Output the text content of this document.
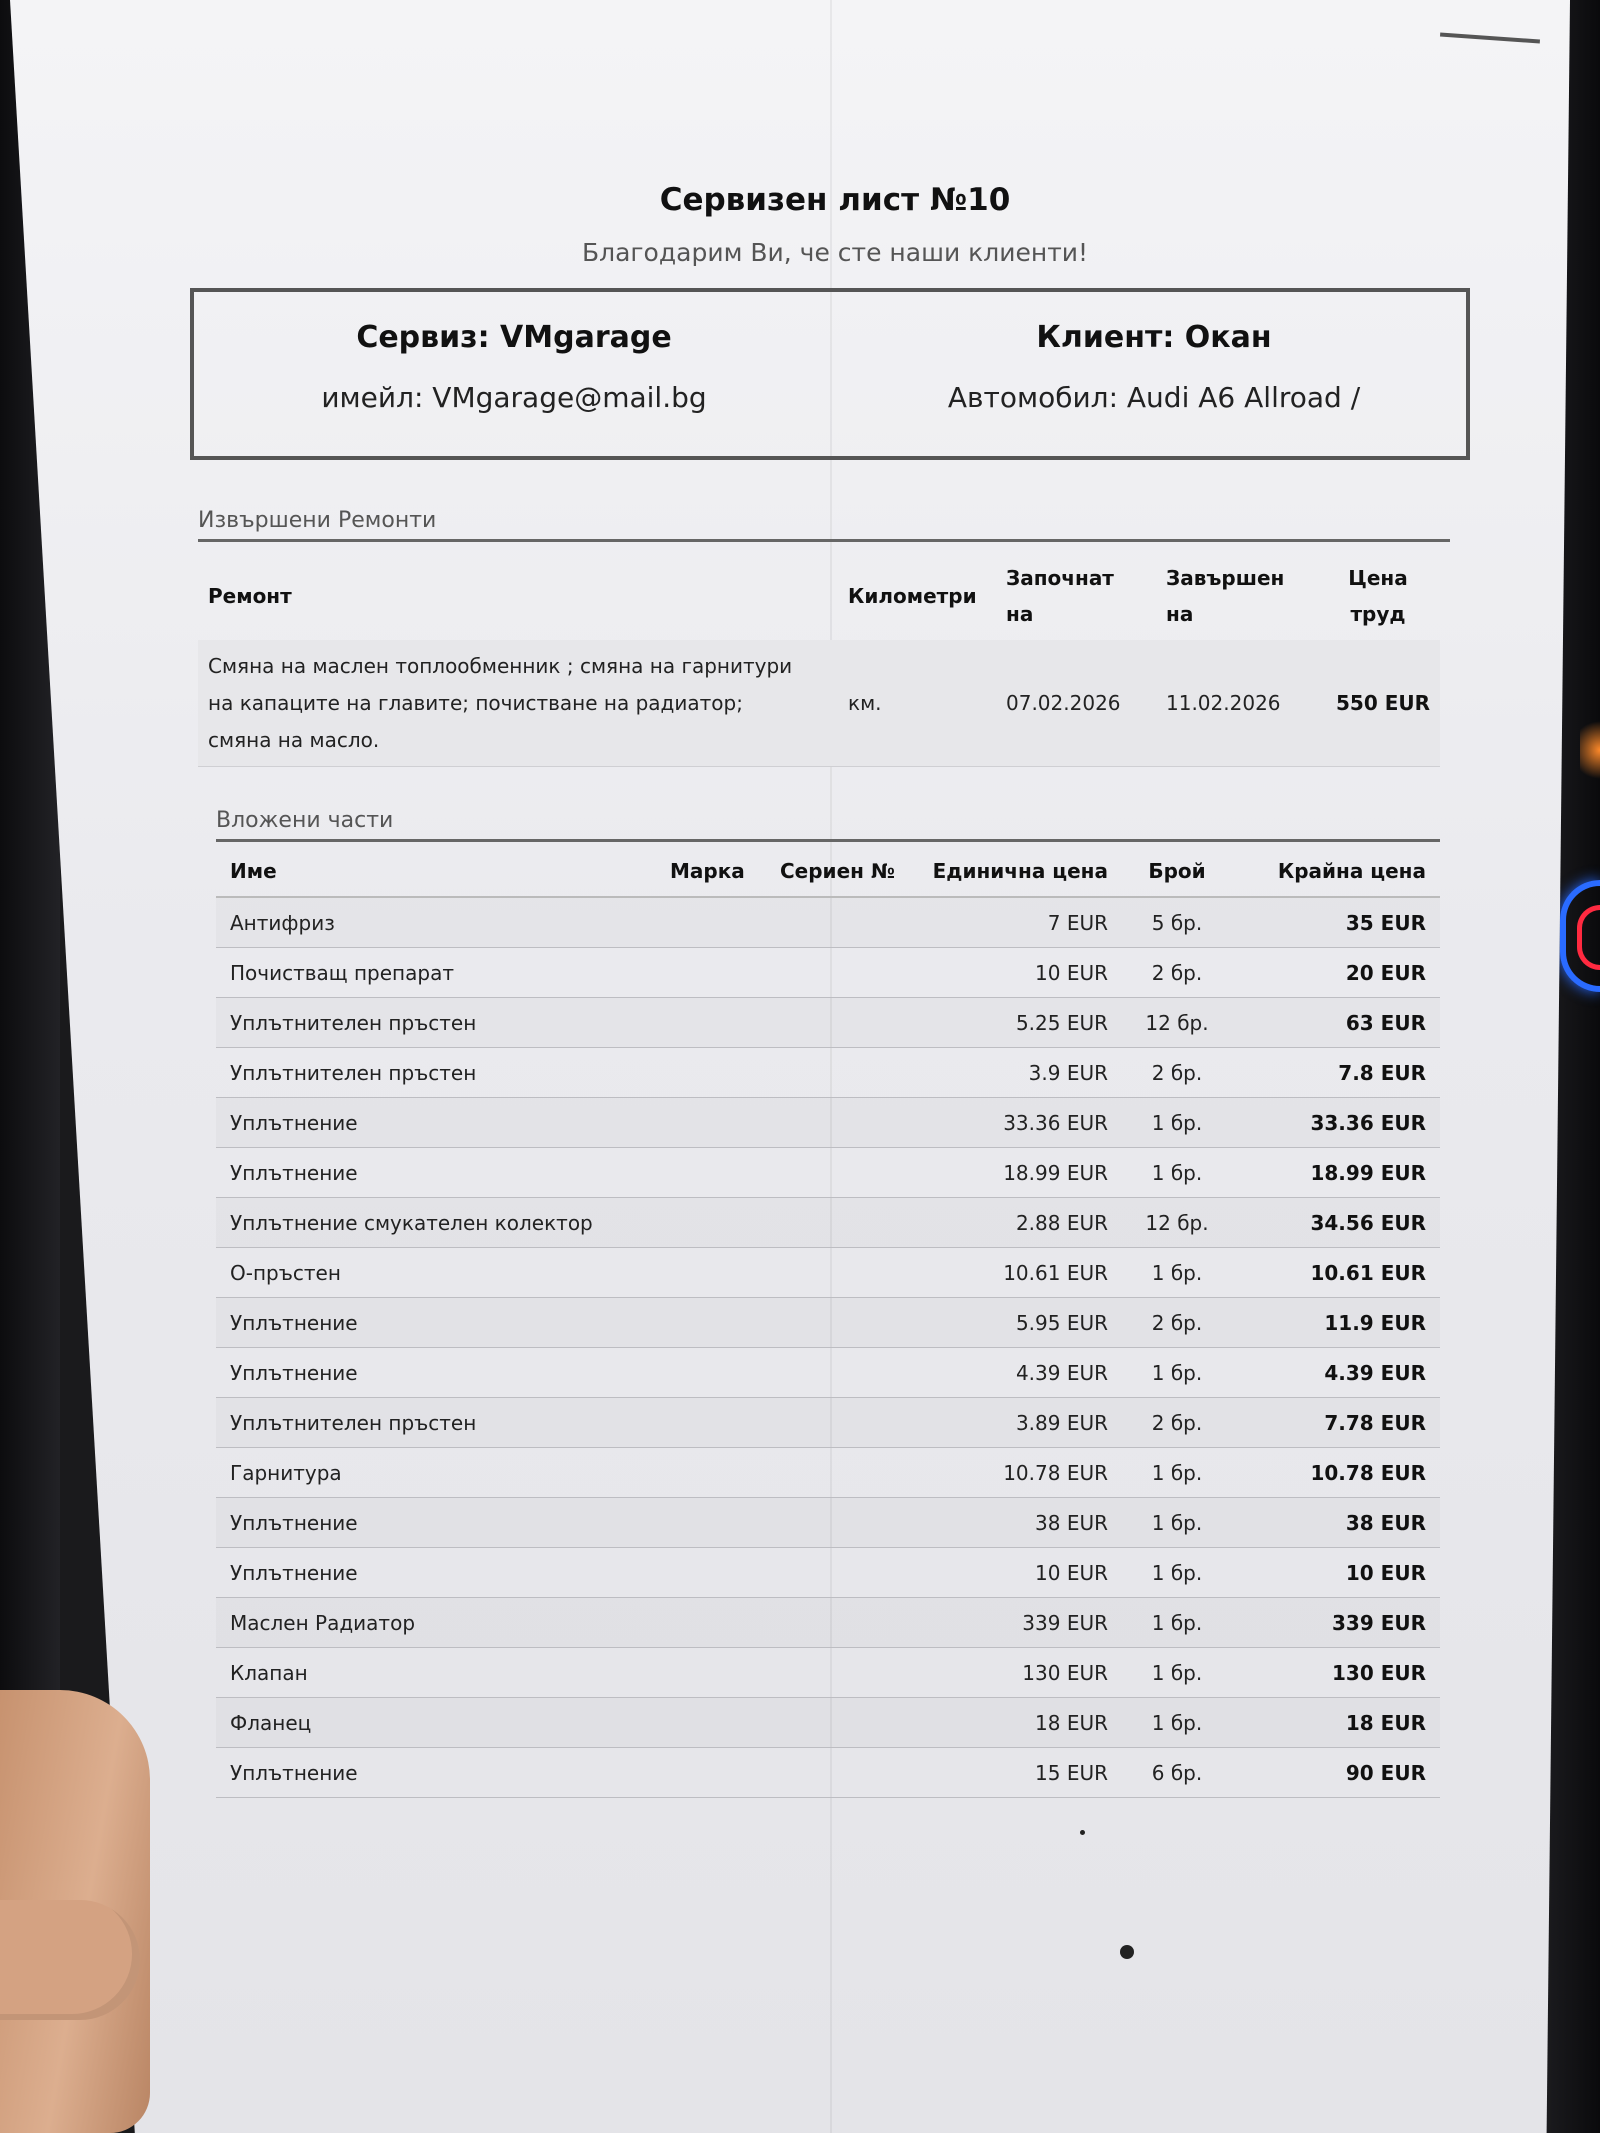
Сервизен лист №10
Благодарим Ви, че сте наши клиенти!
Сервиз: VMgarage
имейл: VMgarage@mail.bg
Клиент: Окан
Автомобил: Audi A6 Allroad /
Извършени Ремонти
Ремонт	Километри	Започнат на	Завършен на	Цена труд
Смяна на маслен топлообменник ; смяна на гарнитури на капаците на главите; почистване на радиатор; смяна на масло.	км.	07.02.2026	11.02.2026	550 EUR
Вложени части
Име	Марка	Сериен №	Единична цена	Брой	Крайна цена
Антифриз			7 EUR	5 бр.	35 EUR
Почистващ препарат			10 EUR	2 бр.	20 EUR
Уплътнителен пръстен			5.25 EUR	12 бр.	63 EUR
Уплътнителен пръстен			3.9 EUR	2 бр.	7.8 EUR
Уплътнение			33.36 EUR	1 бр.	33.36 EUR
Уплътнение			18.99 EUR	1 бр.	18.99 EUR
Уплътнение смукателен колектор			2.88 EUR	12 бр.	34.56 EUR
О-пръстен			10.61 EUR	1 бр.	10.61 EUR
Уплътнение			5.95 EUR	2 бр.	11.9 EUR
Уплътнение			4.39 EUR	1 бр.	4.39 EUR
Уплътнителен пръстен			3.89 EUR	2 бр.	7.78 EUR
Гарнитура			10.78 EUR	1 бр.	10.78 EUR
Уплътнение			38 EUR	1 бр.	38 EUR
Уплътнение			10 EUR	1 бр.	10 EUR
Маслен Радиатор			339 EUR	1 бр.	339 EUR
Клапан			130 EUR	1 бр.	130 EUR
Фланец			18 EUR	1 бр.	18 EUR
Уплътнение			15 EUR	6 бр.	90 EUR
